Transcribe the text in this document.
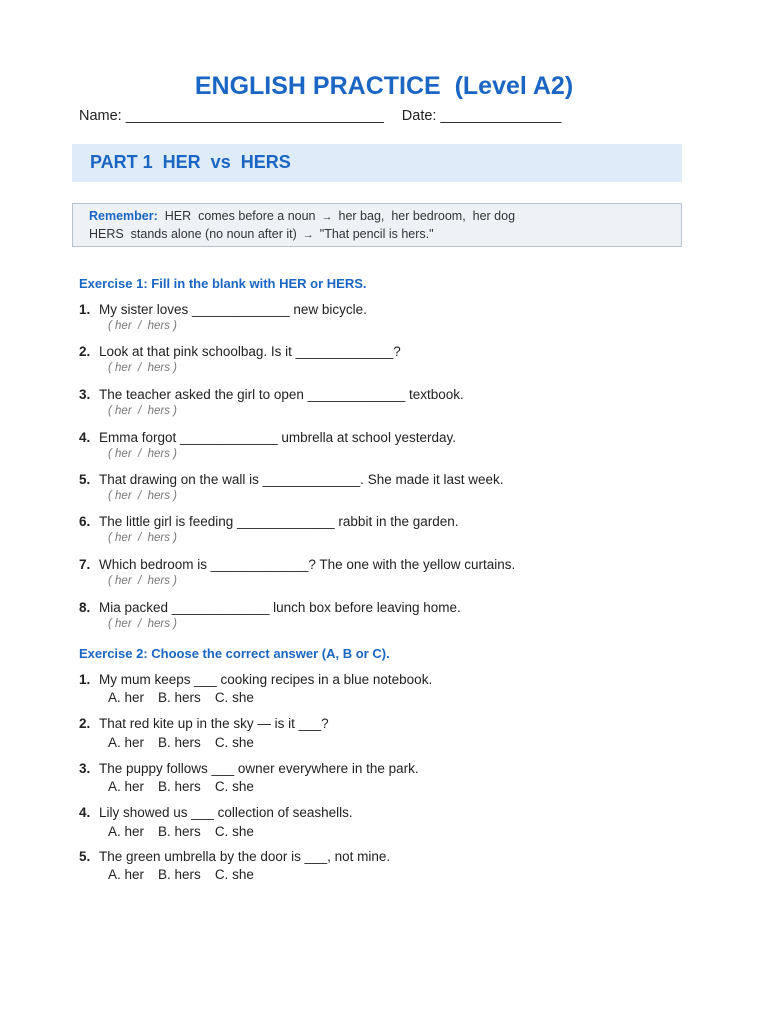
ENGLISH PRACTICE  (Level A2)
Name: ________________________________ Date: _______________
PART 1  HER  vs  HERS
Remember: HER  comes before a noun → her bag,  her bedroom,  her dog
HERS  stands alone (no noun after it) → "That pencil is hers."
Exercise 1: Fill in the blank with HER or HERS.
1. My sister loves _____________ new bicycle.
( her  /  hers )
2. Look at that pink schoolbag. Is it _____________?
( her  /  hers )
3. The teacher asked the girl to open _____________ textbook.
( her  /  hers )
4. Emma forgot _____________ umbrella at school yesterday.
( her  /  hers )
5. That drawing on the wall is _____________. She made it last week.
( her  /  hers )
6. The little girl is feeding _____________ rabbit in the garden.
( her  /  hers )
7. Which bedroom is _____________? The one with the yellow curtains.
( her  /  hers )
8. Mia packed _____________ lunch box before leaving home.
( her  /  hers )
Exercise 2: Choose the correct answer (A, B or C).
1. My mum keeps ___ cooking recipes in a blue notebook.
A. her B. hers C. she
2. That red kite up in the sky — is it ___?
A. her B. hers C. she
3. The puppy follows ___ owner everywhere in the park.
A. her B. hers C. she
4. Lily showed us ___ collection of seashells.
A. her B. hers C. she
5. The green umbrella by the door is ___, not mine.
A. her B. hers C. she
